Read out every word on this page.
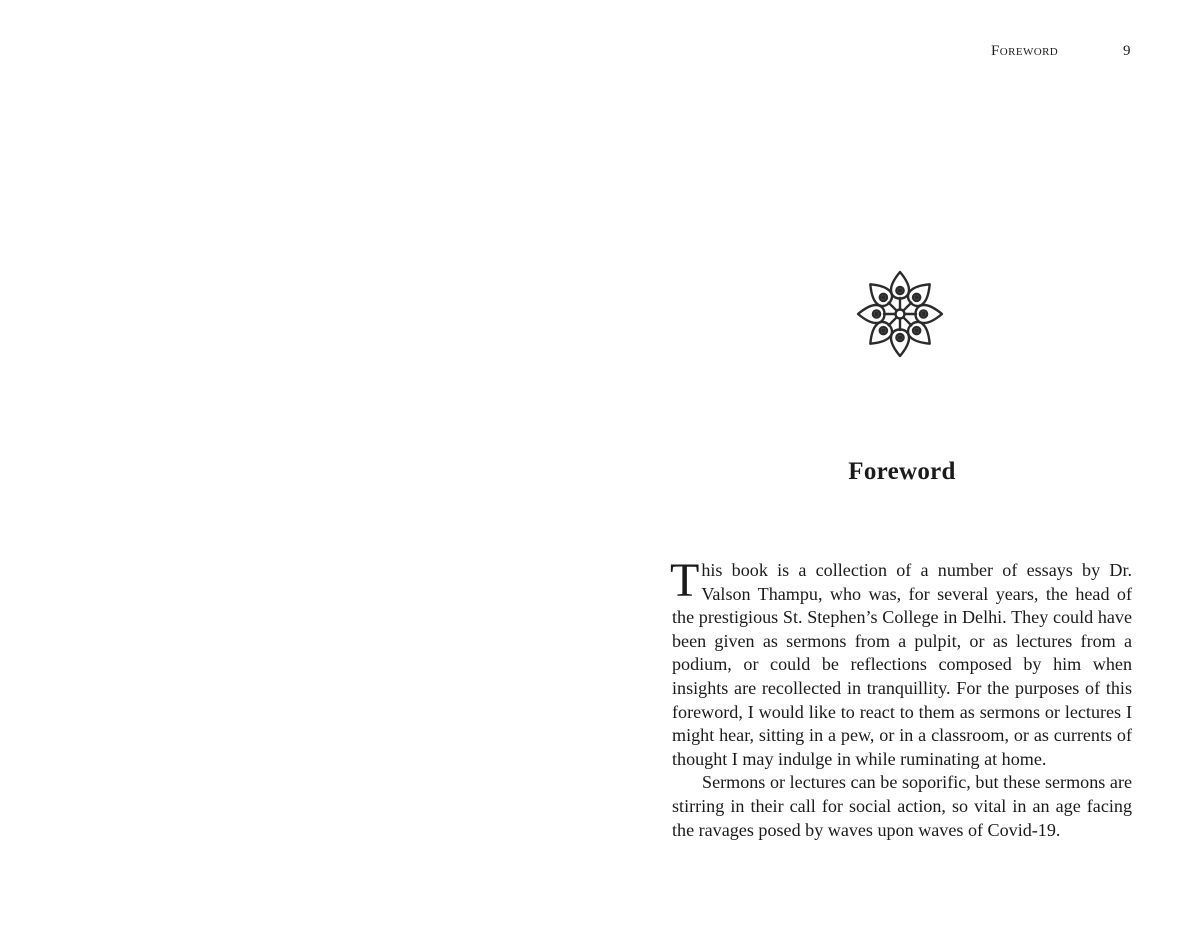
Foreword	9
Foreword

This book is a collection of a number of essays by Dr. Valson Thampu, who was, for several years, the head of the prestigious St. Stephen’s College in Delhi. They could have been given as sermons from a pulpit, or as lectures from a podium, or could be reflections composed by him when insights are recollected in tranquillity. For the purposes of this foreword, I would like to react to them as sermons or lectures I might hear, sitting in a pew, or in a classroom, or as currents of thought I may indulge in while ruminating at home.

Sermons or lectures can be soporific, but these sermons are stirring in their call for social action, so vital in an age facing the ravages posed by waves upon waves of Covid-19.
